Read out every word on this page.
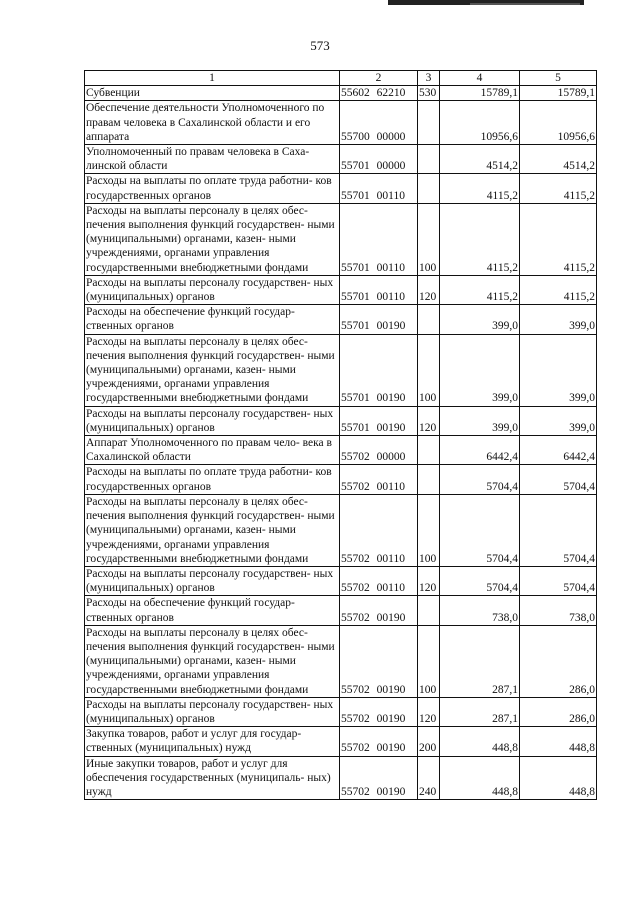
573
1	2	3	4	5
Субвенции	55602 62210	530	15789,1	15789,1
Обеспечение деятельности Уполномоченного по правам человека в Сахалинской области и его аппарата	55700 00000		10956,6	10956,6
Уполномоченный по правам человека в Саха- линской области	55701 00000		4514,2	4514,2
Расходы на выплаты по оплате труда работни- ков государственных органов	55701 00110		4115,2	4115,2
Расходы на выплаты персоналу в целях обес- печения выполнения функций государствен- ными (муниципальными) органами, казен- ными учреждениями, органами управления государственными внебюджетными фондами	55701 00110	100	4115,2	4115,2
Расходы на выплаты персоналу государствен- ных (муниципальных) органов	55701 00110	120	4115,2	4115,2
Расходы на обеспечение функций государ- ственных органов	55701 00190		399,0	399,0
Расходы на выплаты персоналу в целях обес- печения выполнения функций государствен- ными (муниципальными) органами, казен- ными учреждениями, органами управления государственными внебюджетными фондами	55701 00190	100	399,0	399,0
Расходы на выплаты персоналу государствен- ных (муниципальных) органов	55701 00190	120	399,0	399,0
Аппарат Уполномоченного по правам чело- века в Сахалинской области	55702 00000		6442,4	6442,4
Расходы на выплаты по оплате труда работни- ков государственных органов	55702 00110		5704,4	5704,4
Расходы на выплаты персоналу в целях обес- печения выполнения функций государствен- ными (муниципальными) органами, казен- ными учреждениями, органами управления государственными внебюджетными фондами	55702 00110	100	5704,4	5704,4
Расходы на выплаты персоналу государствен- ных (муниципальных) органов	55702 00110	120	5704,4	5704,4
Расходы на обеспечение функций государ- ственных органов	55702 00190		738,0	738,0
Расходы на выплаты персоналу в целях обес- печения выполнения функций государствен- ными (муниципальными) органами, казен- ными учреждениями, органами управления государственными внебюджетными фондами	55702 00190	100	287,1	286,0
Расходы на выплаты персоналу государствен- ных (муниципальных) органов	55702 00190	120	287,1	286,0
Закупка товаров, работ и услуг для государ- ственных (муниципальных) нужд	55702 00190	200	448,8	448,8
Иные закупки товаров, работ и услуг для обеспечения государственных (муниципаль- ных) нужд	55702 00190	240	448,8	448,8
